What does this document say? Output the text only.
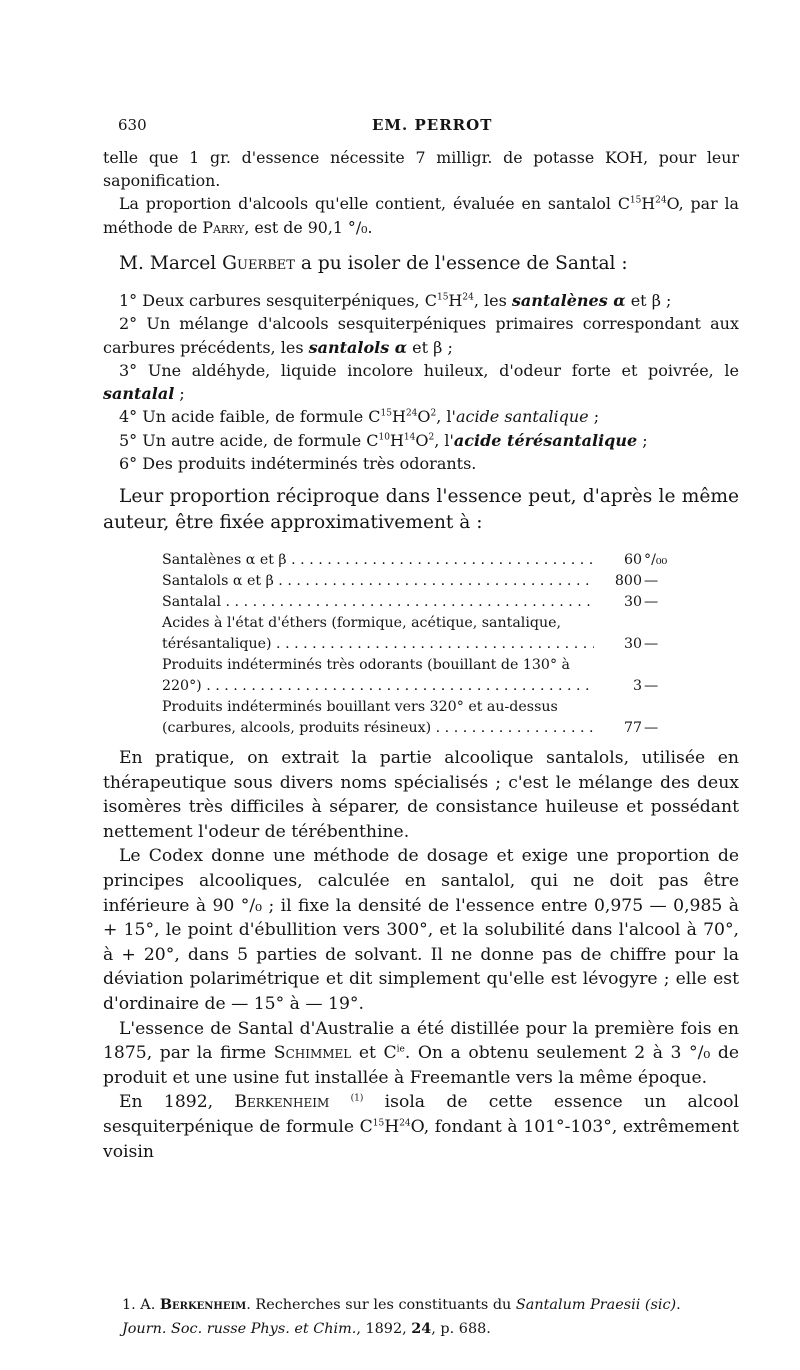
630	EM. PERROT

telle que 1 gr. d'essence nécessite 7 milligr. de potasse KOH, pour leur saponification.

La proportion d'alcools qu'elle contient, évaluée en santalol $C^{15}H^{24}O$, par la méthode de Parry, est de 90,1 °/₀.

M. Marcel Guerbet a pu isoler de l'essence de Santal :

1° Deux carbures sesquiterpéniques, $C^{15}H^{24}$, les santalènes α et β ;

2° Un mélange d'alcools sesquiterpéniques primaires correspondant aux carbures précédents, les santalols α et β ;

3° Une aldéhyde, liquide incolore huileux, d'odeur forte et poivrée, le santalal ;

4° Un acide faible, de formule $C^{15}H^{24}O^2$, l'acide santalique ;

5° Un autre acide, de formule $C^{10}H^{14}O^2$, l'acide térésantalique ;

6° Des produits indéterminés très odorants.

Leur proportion réciproque dans l'essence peut, d'après le même auteur, être fixée approximativement à :

Santalènes α et β . . .	60 °/₀₀
Santalols α et β . . .	800 —
Santalal . . .	30 —
Acides à l'état d'éthers (formique, acétique, santalique,
térésantalique) . . .	30 —
Produits indéterminés très odorants (bouillant de 130° à
220°) . . .	3 —
Produits indéterminés bouillant vers 320° et au-dessus
(carbures, alcools, produits résineux) . . .	77 —

En pratique, on extrait la partie alcoolique santalols, utilisée en thérapeutique sous divers noms spécialisés ; c'est le mélange des deux isomères très difficiles à séparer, de consistance huileuse et possédant nettement l'odeur de térébenthine.

Le Codex donne une méthode de dosage et exige une proportion de principes alcooliques, calculée en santalol, qui ne doit pas être inférieure à 90 °/₀ ; il fixe la densité de l'essence entre 0,975 — 0,985 à + 15°, le point d'ébullition vers 300°, et la solubilité dans l'alcool à 70°, à + 20°, dans 5 parties de solvant. Il ne donne pas de chiffre pour la déviation polarimétrique et dit simplement qu'elle est lévogyre ; elle est d'ordinaire de — 15° à — 19°.

L'essence de Santal d'Australie a été distillée pour la première fois en 1875, par la firme Schimmel et $C^{ie}$. On a obtenu seulement 2 à 3 °/₀ de produit et une usine fut installée à Freemantle vers la même époque.

En 1892, Berkenheim $^{(1)}$ isola de cette essence un alcool sesquiterpénique de formule $C^{15}H^{24}O$, fondant à 101°-103°, extrêmement voisin

1. A. Berkenheim. Recherches sur les constituants du Santalum Praesii (sic).
Journ. Soc. russe Phys. et Chim., 1892, 24, p. 688.
